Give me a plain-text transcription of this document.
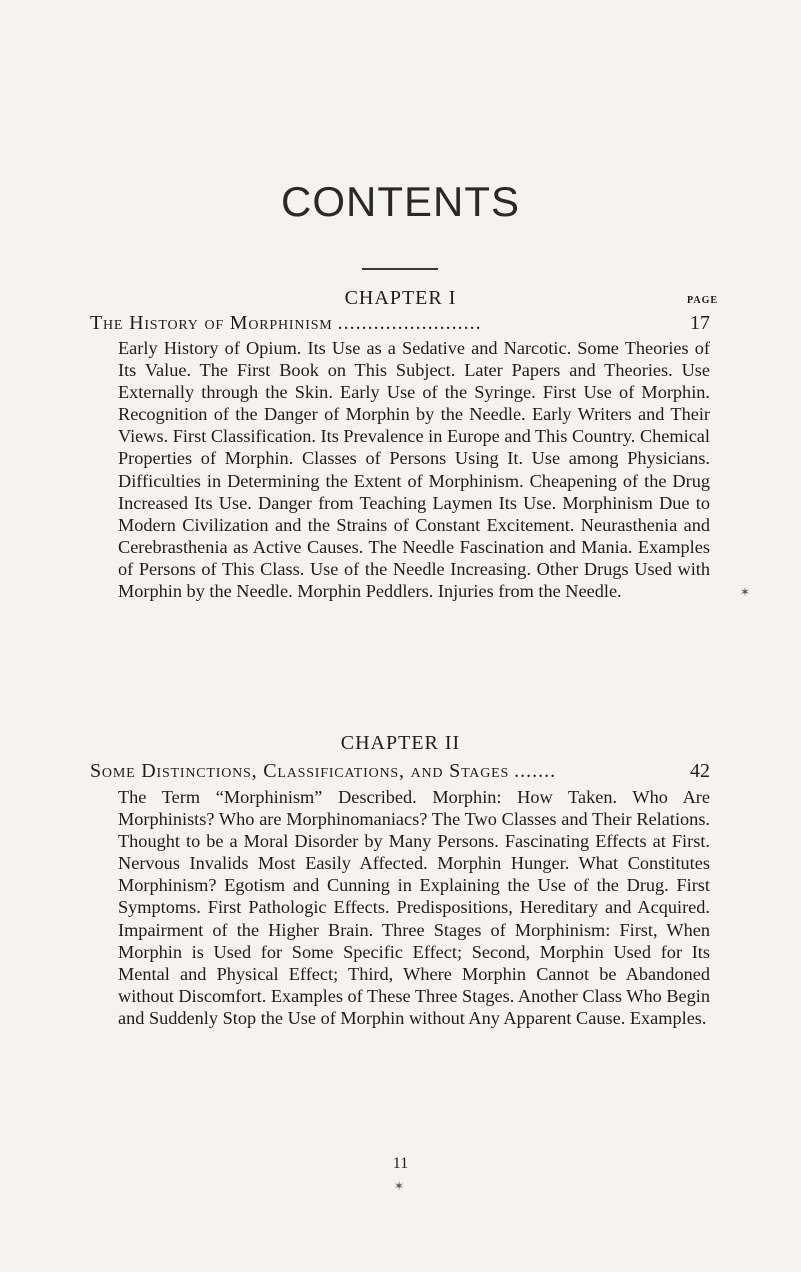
CONTENTS
CHAPTER I	PAGE
The History of Morphinism ........................	17

Early History of Opium. Its Use as a Sedative and Narcotic. Some Theories of Its Value. The First Book on This Subject. Later Papers and Theories. Use Externally through the Skin. Early Use of the Syringe. First Use of Morphin. Recognition of the Danger of Morphin by the Needle. Early Writers and Their Views. First Classification. Its Prevalence in Europe and This Country. Chemical Properties of Morphin. Classes of Persons Using It. Use among Physicians. Difficulties in Determining the Extent of Morphinism. Cheapening of the Drug Increased Its Use. Danger from Teaching Laymen Its Use. Morphinism Due to Modern Civilization and the Strains of Constant Excitement. Neurasthenia and Cerebrasthenia as Active Causes. The Needle Fascination and Mania. Examples of Persons of This Class. Use of the Needle Increasing. Other Drugs Used with Morphin by the Needle. Morphin Peddlers. Injuries from the Needle.

CHAPTER II
Some Distinctions, Classifications, and Stages .......	42

The Term “Morphinism” Described. Morphin: How Taken. Who Are Morphinists? Who are Morphinomaniacs? The Two Classes and Their Relations. Thought to be a Moral Disorder by Many Persons. Fascinating Effects at First. Nervous Invalids Most Easily Affected. Morphin Hunger. What Constitutes Morphinism? Egotism and Cunning in Explaining the Use of the Drug. First Symptoms. First Pathologic Effects. Predispositions, Hereditary and Acquired. Impairment of the Higher Brain. Three Stages of Morphinism: First, When Morphin is Used for Some Specific Effect; Second, Morphin Used for Its Mental and Physical Effect; Third, Where Morphin Cannot be Abandoned without Discomfort. Examples of These Three Stages. Another Class Who Begin and Suddenly Stop the Use of Morphin without Any Apparent Cause. Examples.

11
✶
✶
